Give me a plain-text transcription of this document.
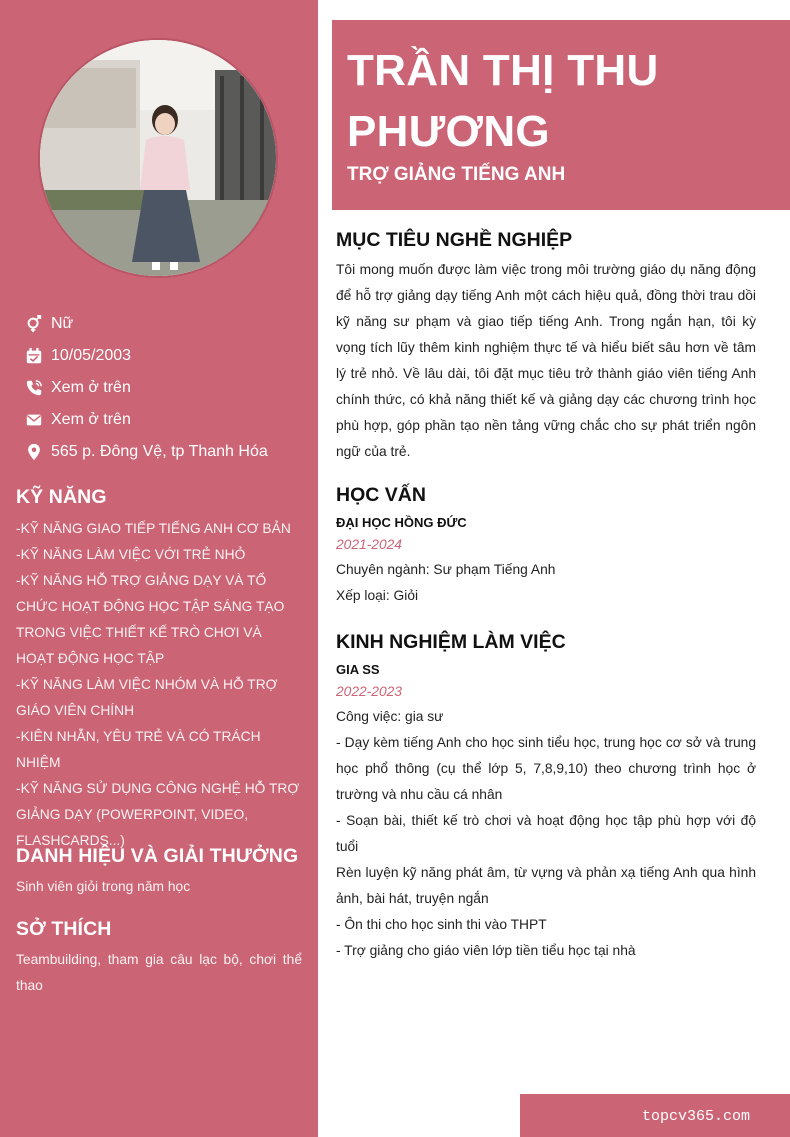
Nữ
10/05/2003
Xem ở trên
Xem ở trên
565 p. Đông Vệ, tp Thanh Hóa
KỸ NĂNG
-KỸ NĂNG GIAO TIẾP TIẾNG ANH CƠ BẢN
-KỸ NĂNG LÀM VIỆC VỚI TRẺ NHỎ
-KỸ NĂNG HỖ TRỢ GIẢNG DẠY VÀ TỔ CHỨC HOẠT ĐỘNG HỌC TẬP SÁNG TẠO TRONG VIỆC THIẾT KẾ TRÒ CHƠI VÀ HOẠT ĐỘNG HỌC TẬP
-KỸ NĂNG LÀM VIỆC NHÓM VÀ HỖ TRỢ GIÁO VIÊN CHÍNH
-KIÊN NHẪN, YÊU TRẺ VÀ CÓ TRÁCH NHIỆM
-KỸ NĂNG SỬ DỤNG CÔNG NGHỆ HỖ TRỢ GIẢNG DẠY (POWERPOINT, VIDEO, FLASHCARDS...)
DANH HIỆU VÀ GIẢI THƯỞNG
Sinh viên giỏi trong năm học
SỞ THÍCH
Teambuilding, tham gia câu lạc bộ, chơi thể thao
TRẦN THỊ THU PHƯƠNG
TRỢ GIẢNG TIẾNG ANH
MỤC TIÊU NGHỀ NGHIỆP
Tôi mong muốn được làm việc trong môi trường giáo dụ năng động để hỗ trợ giảng dạy tiếng Anh một cách hiệu quả, đồng thời trau dồi kỹ năng sư phạm và giao tiếp tiếng Anh. Trong ngắn hạn, tôi kỳ vọng tích lũy thêm kinh nghiệm thực tế và hiểu biết sâu hơn về tâm lý trẻ nhỏ. Về lâu dài, tôi đặt mục tiêu trở thành giáo viên tiếng Anh chính thức, có khả năng thiết kế và giảng dạy các chương trình học phù hợp, góp phần tạo nền tảng vững chắc cho sự phát triển ngôn ngữ của trẻ.
HỌC VẤN
ĐẠI HỌC HỒNG ĐỨC
2021-2024
Chuyên ngành: Sư phạm Tiếng Anh
Xếp loại: Giỏi
KINH NGHIỆM LÀM VIỆC
GIA SS
2022-2023
Công việc: gia sư
- Dạy kèm tiếng Anh cho học sinh tiểu học, trung học cơ sở và trung học phổ thông (cụ thể lớp 5, 7,8,9,10) theo chương trình học ở trường và nhu cầu cá nhân
- Soạn bài, thiết kế trò chơi và hoạt động học tập phù hợp với độ tuổi
Rèn luyện kỹ năng phát âm, từ vựng và phản xạ tiếng Anh qua hình ảnh, bài hát, truyện ngắn
- Ôn thi cho học sinh thi vào THPT
- Trợ giảng cho giáo viên lớp tiền tiểu học tại nhà
topcv365.com
